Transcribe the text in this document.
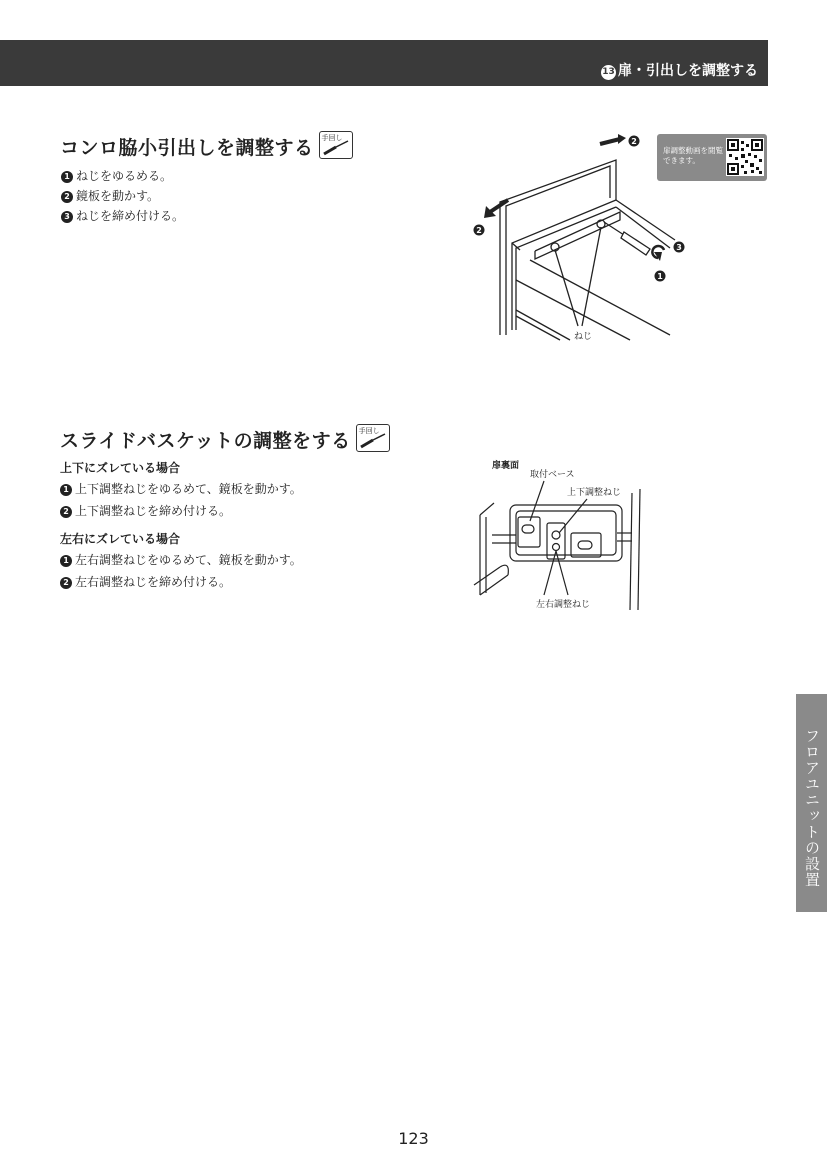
13 扉・引出しを調整する
コンロ脇小引出しを調整する 手回し
1 ねじをゆるめる。
2 鏡板を動かす。
3 ねじを締め付ける。
扉調整動画を閲覧できます。
2
2
3
1
ねじ
スライドバスケットの調整をする 手回し
上下にズレている場合
1 上下調整ねじをゆるめて、鏡板を動かす。
2 上下調整ねじを締め付ける。
左右にズレている場合
1 左右調整ねじをゆるめて、鏡板を動かす。
2 左右調整ねじを締め付ける。
扉裏面
取付ベース
上下調整ねじ
左右調整ねじ
フロアユニットの設置
123
